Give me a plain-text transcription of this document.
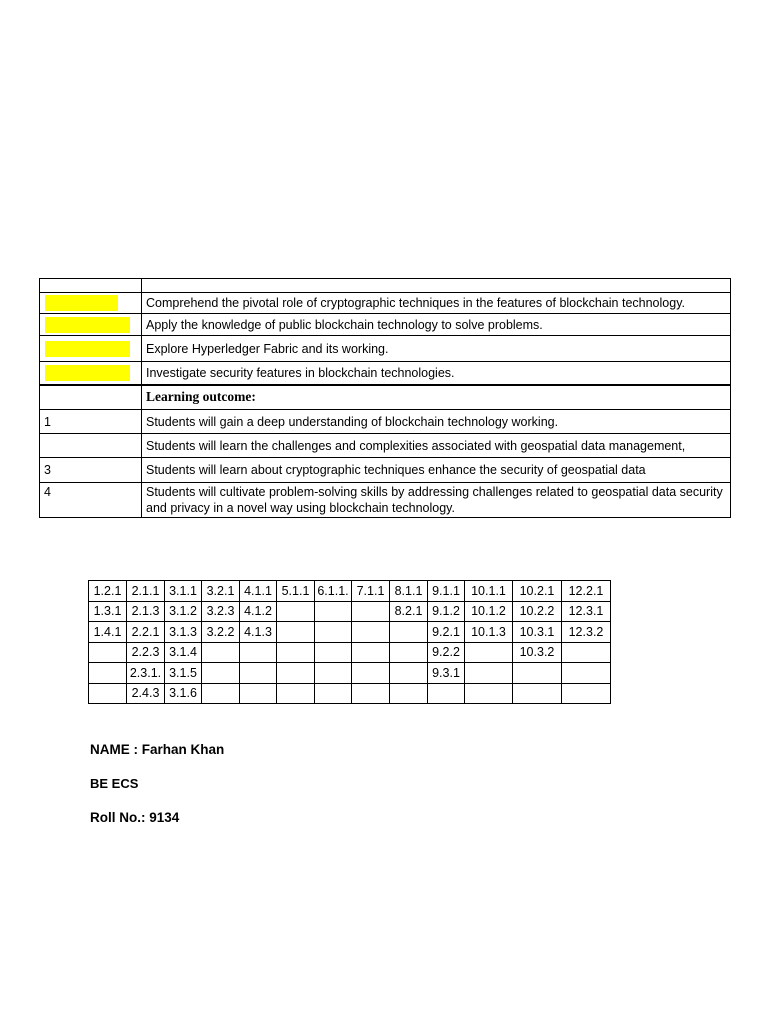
	Comprehend the pivotal role of cryptographic techniques in the features of blockchain technology.

	Apply the knowledge of public blockchain technology to solve problems.

	Explore Hyperledger Fabric and its working.

	Investigate security features in blockchain technologies.
	Learning outcome:
1	Students will gain a deep understanding of blockchain technology working.
	Students will learn the challenges and complexities associated with geospatial data management,
3	Students will learn about cryptographic techniques enhance the security of geospatial data
4	Students will cultivate problem-solving skills by addressing challenges related to geospatial data security and privacy in a novel way using blockchain technology.
1.2.1	2.1.1	3.1.1	3.2.1	4.1.1	5.1.1	6.1.1.	7.1.1	8.1.1	9.1.1	10.1.1	10.2.1	12.2.1
1.3.1	2.1.3	3.1.2	3.2.3	4.1.2				8.2.1	9.1.2	10.1.2	10.2.2	12.3.1
1.4.1	2.2.1	3.1.3	3.2.2	4.1.3					9.2.1	10.1.3	10.3.1	12.3.2
	2.2.3	3.1.4							9.2.2		10.3.2	
	2.3.1.	3.1.5							9.3.1			
	2.4.3	3.1.6										
NAME : Farhan Khan
BE ECS
Roll No.: 9134
